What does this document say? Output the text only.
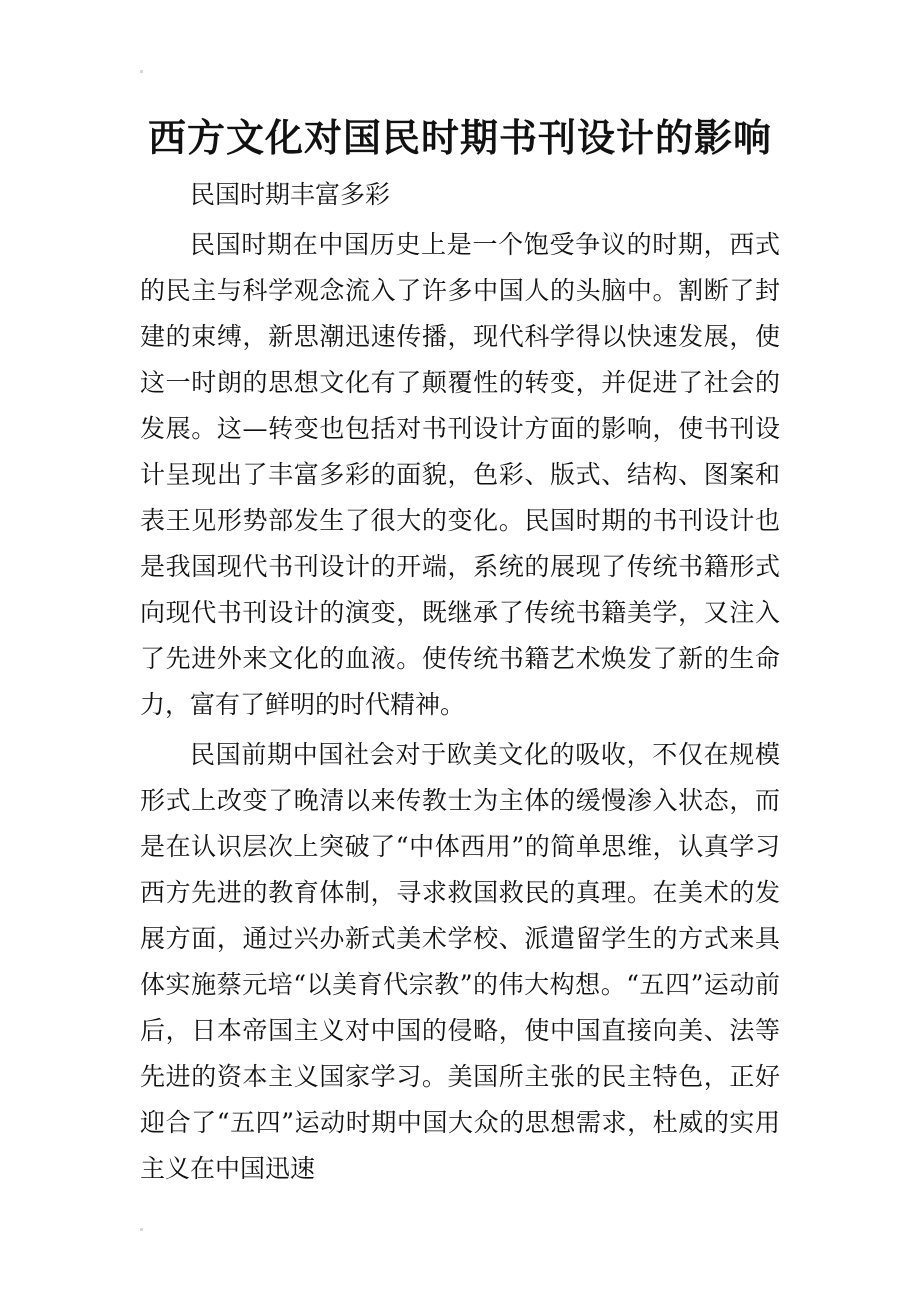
西方文化对国民时期书刊设计的影响

民国时期丰富多彩

民国时期在中国历史上是一个饱受争议的时期，西式的民主与科学观念流入了许多中国人的头脑中。割断了封建的束缚，新思潮迅速传播，现代科学得以快速发展，使这一时朗的思想文化有了颠覆性的转变，并促进了社会的发展。这—转变也包括对书刊设计方面的影响，使书刊设计呈现出了丰富多彩的面貌，色彩、版式、结构、图案和表王见形势部发生了很大的变化。民国时期的书刊设计也是我国现代书刊设计的开端，系统的展现了传统书籍形式向现代书刊设计的演变，既继承了传统书籍美学，又注入了先进外来文化的血液。使传统书籍艺术焕发了新的生命力，富有了鲜明的时代精神。

民国前期中国社会对于欧美文化的吸收，不仅在规模形式上改变了晚清以来传教士为主体的缓慢渗入状态，而是在认识层次上突破了“中体西用”的简单思维，认真学习西方先进的教育体制，寻求救国救民的真理。在美术的发展方面，通过兴办新式美术学校、派遣留学生的方式来具体实施蔡元培“以美育代宗教”的伟大构想。“五四”运动前后，日本帝国主义对中国的侵略，使中国直接向美、法等先进的资本主义国家学习。美国所主张的民主特色，正好迎合了“五四”运动时期中国大众的思想需求，杜威的实用主义在中国迅速
